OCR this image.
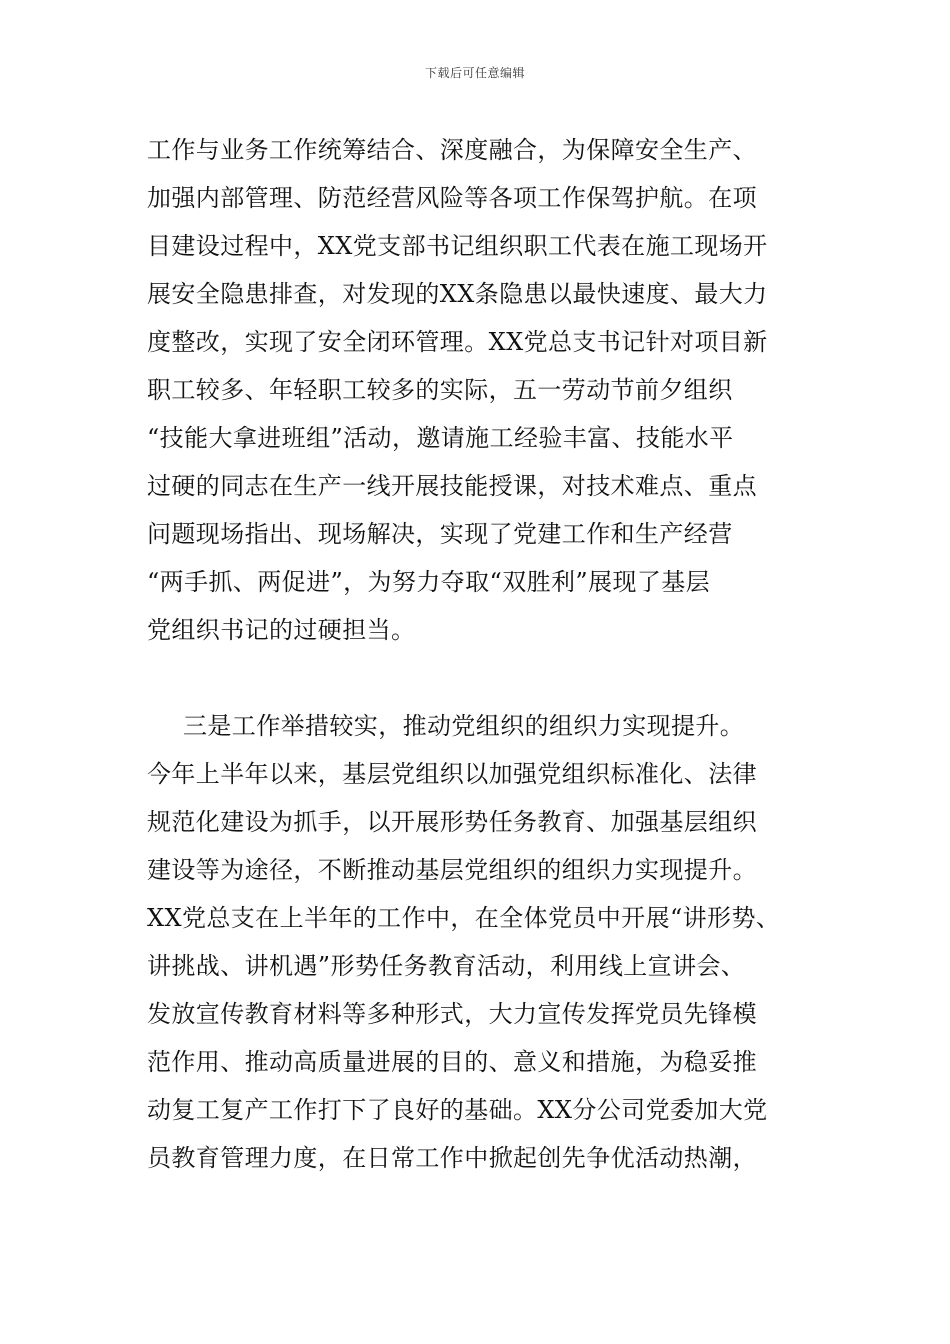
下载后可任意编辑
工作与业务工作统筹结合、深度融合，为保障安全生产、
加强内部管理、防范经营风险等各项工作保驾护航。在项
目建设过程中，XX党支部书记组织职工代表在施工现场开
展安全隐患排查，对发现的XX条隐患以最快速度、最大力
度整改，实现了安全闭环管理。XX党总支书记针对项目新
职工较多、年轻职工较多的实际，五一劳动节前夕组织
“技能大拿进班组”活动，邀请施工经验丰富、技能水平
过硬的同志在生产一线开展技能授课，对技术难点、重点
问题现场指出、现场解决，实现了党建工作和生产经营
“两手抓、两促进”，为努力夺取“双胜利”展现了基层
党组织书记的过硬担当。
三是工作举措较实，推动党组织的组织力实现提升。
今年上半年以来，基层党组织以加强党组织标准化、法律
规范化建设为抓手，以开展形势任务教育、加强基层组织
建设等为途径，不断推动基层党组织的组织力实现提升。
XX党总支在上半年的工作中，在全体党员中开展“讲形势、
讲挑战、讲机遇”形势任务教育活动，利用线上宣讲会、
发放宣传教育材料等多种形式，大力宣传发挥党员先锋模
范作用、推动高质量进展的目的、意义和措施，为稳妥推
动复工复产工作打下了良好的基础。XX分公司党委加大党
员教育管理力度，在日常工作中掀起创先争优活动热潮，
